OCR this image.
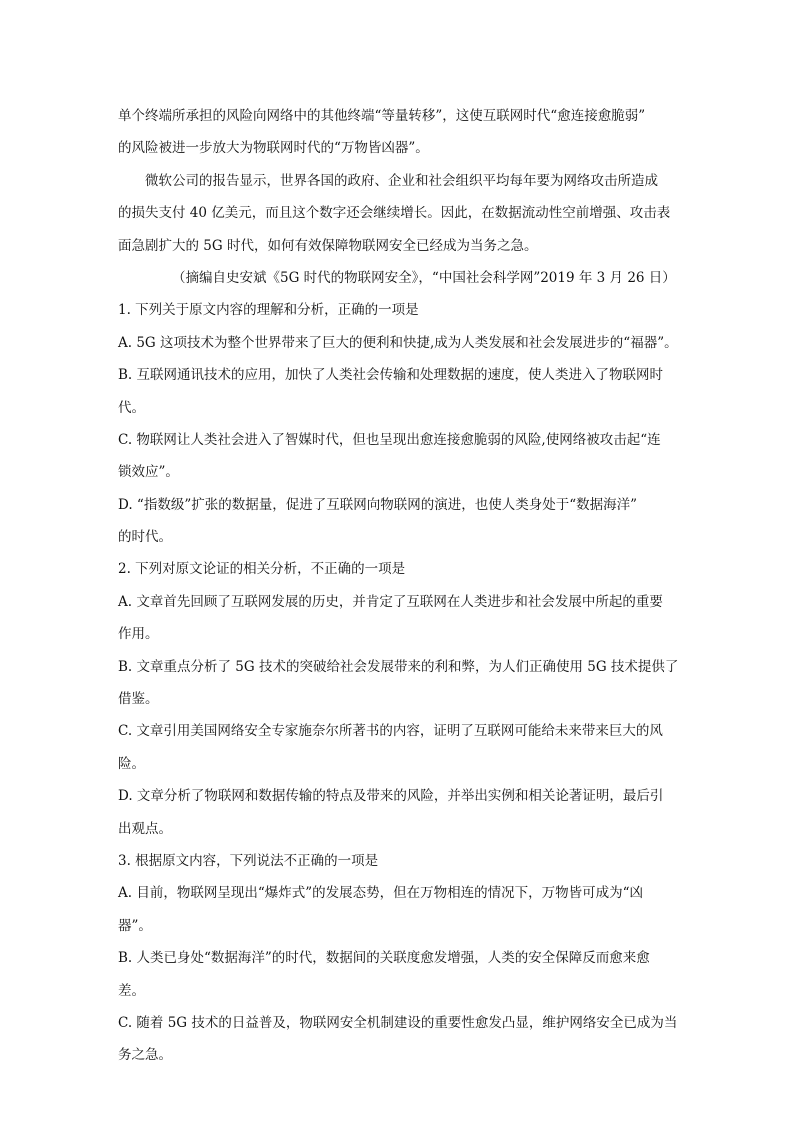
单个终端所承担的风险向网络中的其他终端“等量转移”，这使互联网时代“愈连接愈脆弱”
的风险被进一步放大为物联网时代的“万物皆凶器”。
微软公司的报告显示，世界各国的政府、企业和社会组织平均每年要为网络攻击所造成
的损失支付 40 亿美元，而且这个数字还会继续增长。因此，在数据流动性空前增强、攻击表
面急剧扩大的 5G 时代，如何有效保障物联网安全已经成为当务之急。
（摘编自史安斌《5G 时代的物联网安全》，“中国社会科学网”2019 年 3 月 26 日）
1. 下列关于原文内容的理解和分析，正确的一项是
A. 5G 这项技术为整个世界带来了巨大的便利和快捷,成为人类发展和社会发展进步的“福器”。
B. 互联网通讯技术的应用，加快了人类社会传输和处理数据的速度，使人类进入了物联网时
代。
C. 物联网让人类社会进入了智媒时代，但也呈现出愈连接愈脆弱的风险,使网络被攻击起“连
锁效应”。
D. “指数级”扩张的数据量，促进了互联网向物联网的演进，也使人类身处于“数据海洋”
的时代。
2. 下列对原文论证的相关分析，不正确的一项是
A. 文章首先回顾了互联网发展的历史，并肯定了互联网在人类进步和社会发展中所起的重要
作用。
B. 文章重点分析了 5G 技术的突破给社会发展带来的利和弊，为人们正确使用 5G 技术提供了
借鉴。
C. 文章引用美国网络安全专家施奈尔所著书的内容，证明了互联网可能给未来带来巨大的风
险。
D. 文章分析了物联网和数据传输的特点及带来的风险，并举出实例和相关论著证明，最后引
出观点。
3. 根据原文内容，下列说法不正确的一项是
A. 目前，物联网呈现出“爆炸式”的发展态势，但在万物相连的情况下，万物皆可成为“凶
器”。
B. 人类已身处“数据海洋”的时代，数据间的关联度愈发增强，人类的安全保障反而愈来愈
差。
C. 随着 5G 技术的日益普及，物联网安全机制建设的重要性愈发凸显，维护网络安全已成为当
务之急。
